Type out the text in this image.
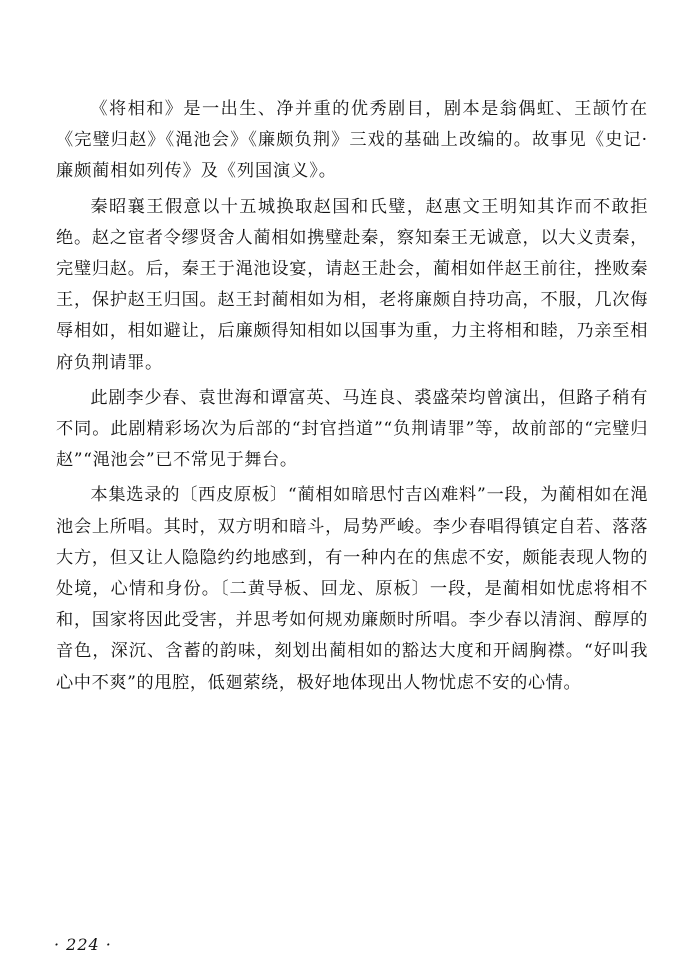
《将相和》是一出生、净并重的优秀剧目，剧本是翁偶虹、王颉竹在《完璧归赵》《渑池会》《廉颇负荆》三戏的基础上改编的。故事见《史记·廉颇蔺相如列传》及《列国演义》。

秦昭襄王假意以十五城换取赵国和氏璧，赵惠文王明知其诈而不敢拒绝。赵之宦者令缪贤舍人蔺相如携璧赴秦，察知秦王无诚意，以大义责秦，完璧归赵。后，秦王于渑池设宴，请赵王赴会，蔺相如伴赵王前往，挫败秦王，保护赵王归国。赵王封蔺相如为相，老将廉颇自持功高，不服，几次侮辱相如，相如避让，后廉颇得知相如以国事为重，力主将相和睦，乃亲至相府负荆请罪。

此剧李少春、袁世海和谭富英、马连良、裘盛荣均曾演出，但路子稍有不同。此剧精彩场次为后部的“封官挡道”“负荆请罪”等，故前部的“完璧归赵”“渑池会”已不常见于舞台。

本集选录的〔西皮原板〕“蔺相如暗思忖吉凶难料”一段，为蔺相如在渑池会上所唱。其时，双方明和暗斗，局势严峻。李少春唱得镇定自若、落落大方，但又让人隐隐约约地感到，有一种内在的焦虑不安，颇能表现人物的处境，心情和身份。〔二黄导板、回龙、原板〕一段，是蔺相如忧虑将相不和，国家将因此受害，并思考如何规劝廉颇时所唱。李少春以清润、醇厚的音色，深沉、含蓄的韵味，刻划出蔺相如的豁达大度和开阔胸襟。“好叫我心中不爽”的甩腔，低廻萦绕，极好地体现出人物忧虑不安的心情。

· 224 ·
